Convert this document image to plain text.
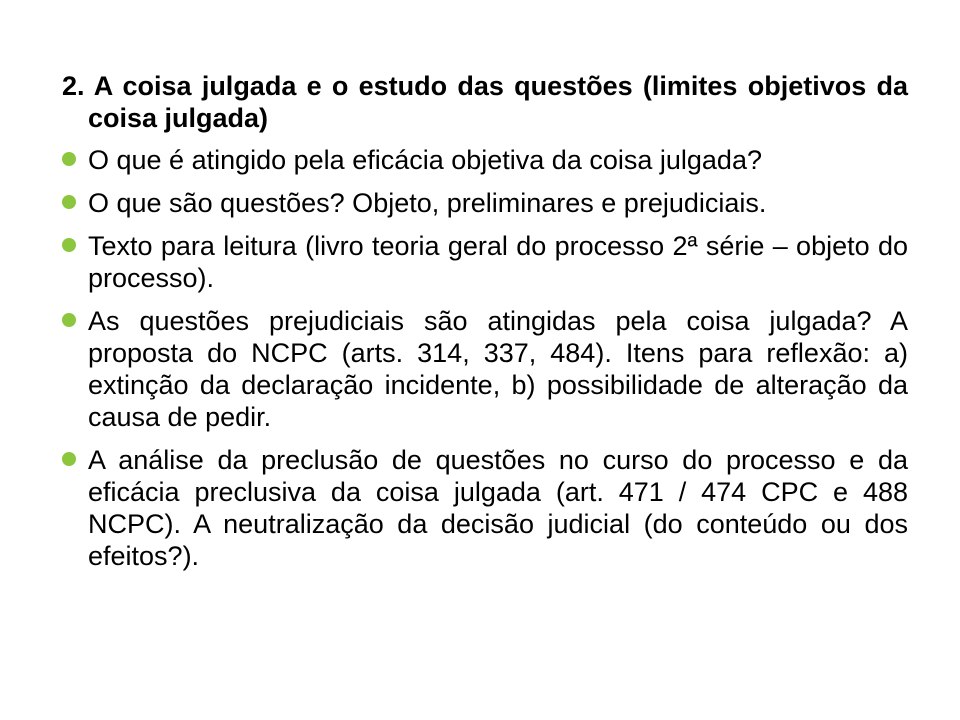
2. A coisa julgada e o estudo das questões (limites objetivos da coisa julgada)

O que é atingido pela eficácia objetiva da coisa julgada?
O que são questões? Objeto, preliminares e prejudiciais.
Texto para leitura (livro teoria geral do processo 2ª série – objeto do processo).
As questões prejudiciais são atingidas pela coisa julgada? A proposta do NCPC (arts. 314, 337, 484). Itens para reflexão: a) extinção da declaração incidente, b) possibilidade de alteração da causa de pedir.
A análise da preclusão de questões no curso do processo e da eficácia preclusiva da coisa julgada (art. 471 / 474 CPC e 488 NCPC). A neutralização da decisão judicial (do conteúdo ou dos efeitos?).
